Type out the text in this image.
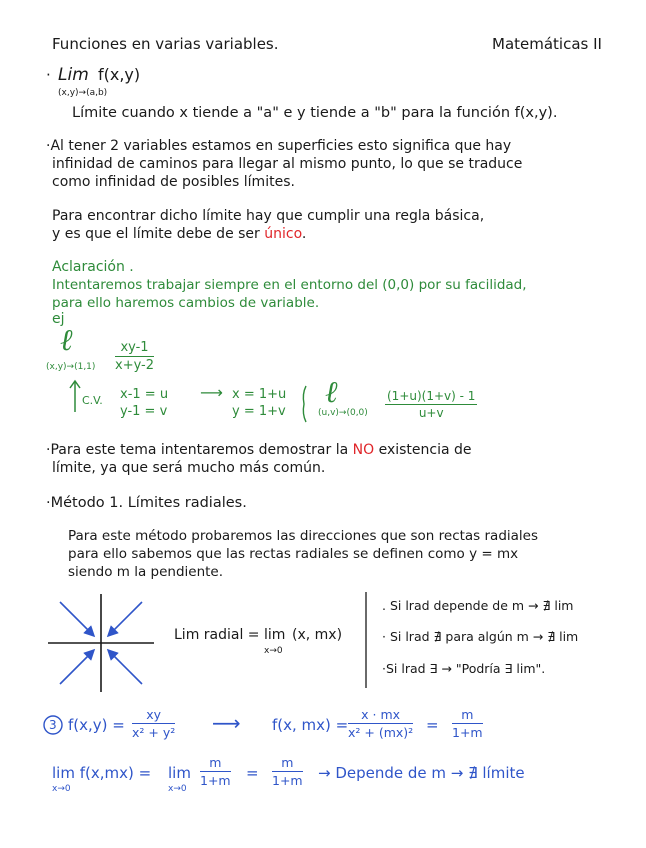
Funciones en varias variables.	Matemáticas II
· Lim f(x,y)
(x,y)→(a,b)
Límite cuando x tiende a "a" e y tiende a "b" para la función f(x,y).
·Al tener 2 variables estamos en superficies esto significa que hay
infinidad de caminos para llegar al mismo punto, lo que se traduce
como infinidad de posibles límites.
Para encontrar dicho límite hay que cumplir una regla básica,
y es que el límite debe de ser único.
Aclaración .
Intentaremos trabajar siempre en el entorno del (0,0) por su facilidad,
para ello haremos cambios de variable.
ej
ℓ
$(x,y)\to(1,1) \frac{xy-1}{x+y-2}$
C.V. x-1 = u
y-1 = v
⟶ x = 1+u
y = 1+v
ℓ
$(u,v)\to(0,0) \frac{(1+u)(1+v) - 1}{u+v}$
·Para este tema intentaremos demostrar la NO existencia de
límite, ya que será mucho más común.
·Método 1. Límites radiales.
Para este método probaremos las direcciones que son rectas radiales
para ello sabemos que las rectas radiales se definen como y = mx
siendo m la pendiente.
Lim radial = lim (x, mx)
x→0
. Si lrad depende de m → ∄ lim
· Si lrad ∄ para algún m → ∄ lim
·Si lrad ∃ → "Podría ∃ lim".
3 $f(x,y) = \frac{xy}{\text{x² + y²}}$ ⟶ f(x, $mx) = \frac{x \cdot mx}{\text{x² + (mx)²}} = \frac{m}{1+m}$
lim f(x,mx) =
x→0
lim
x→0
$\frac{m}{1+m} = \frac{m}{1+m}$ → Depende de m → ∄ límite
